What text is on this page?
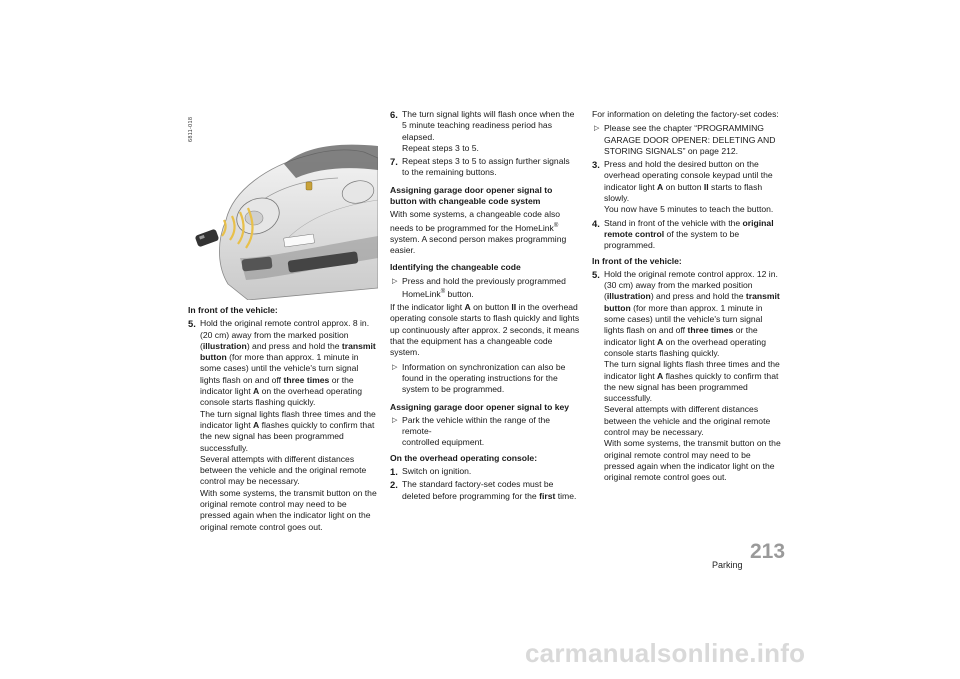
6811-018
In front of the vehicle:
5. Hold the original remote control approx. 8 in.
(20 cm) away from the marked position
(illustration) and press and hold the transmit
button (for more than approx. 1 minute in
some cases) until the vehicle's turn signal
lights flash on and off three times or the
indicator light A on the overhead operating
console starts flashing quickly.
The turn signal lights flash three times and the
indicator light A flashes quickly to confirm that
the new signal has been programmed
successfully.
Several attempts with different distances
between the vehicle and the original remote
control may be necessary.
With some systems, the transmit button on the
original remote control may need to be
pressed again when the indicator light on the
original remote control goes out.
6. The turn signal lights will flash once when the
5 minute teaching readiness period has
elapsed.
Repeat steps 3 to 5.
7. Repeat steps 3 to 5 to assign further signals
to the remaining buttons.
Assigning garage door opener signal to button with changeable code system
With some systems, a changeable code also
needs to be programmed for the HomeLink®
system. A second person makes programming
easier.
Identifying the changeable code
▷ Press and hold the previously programmed
HomeLink® button.
If the indicator light A on button II in the overhead
operating console starts to flash quickly and lights
up continuously after approx. 2 seconds, it means
that the equipment has a changeable code
system.
▷ Information on synchronization can also be
found in the operating instructions for the
system to be programmed.
Assigning garage door opener signal to key
▷ Park the vehicle within the range of the remote-
controlled equipment.
On the overhead operating console:
1. Switch on ignition.
2. The standard factory-set codes must be
deleted before programming for the first time.
For information on deleting the factory-set codes:
▷ Please see the chapter “PROGRAMMING
GARAGE DOOR OPENER: DELETING AND
STORING SIGNALS” on page 212.
3. Press and hold the desired button on the
overhead operating console keypad until the
indicator light A on button II starts to flash
slowly.
You now have 5 minutes to teach the button.
4. Stand in front of the vehicle with the original
remote control of the system to be
programmed.
In front of the vehicle:
5. Hold the original remote control approx. 12 in.
(30 cm) away from the marked position
(illustration) and press and hold the transmit
button (for more than approx. 1 minute in
some cases) until the vehicle's turn signal
lights flash on and off three times or the
indicator light A on the overhead operating
console starts flashing quickly.
The turn signal lights flash three times and the
indicator light A flashes quickly to confirm that
the new signal has been programmed
successfully.
Several attempts with different distances
between the vehicle and the original remote
control may be necessary.
With some systems, the transmit button on the
original remote control may need to be
pressed again when the indicator light on the
original remote control goes out.
Parking
213
carmanualsonline.info
